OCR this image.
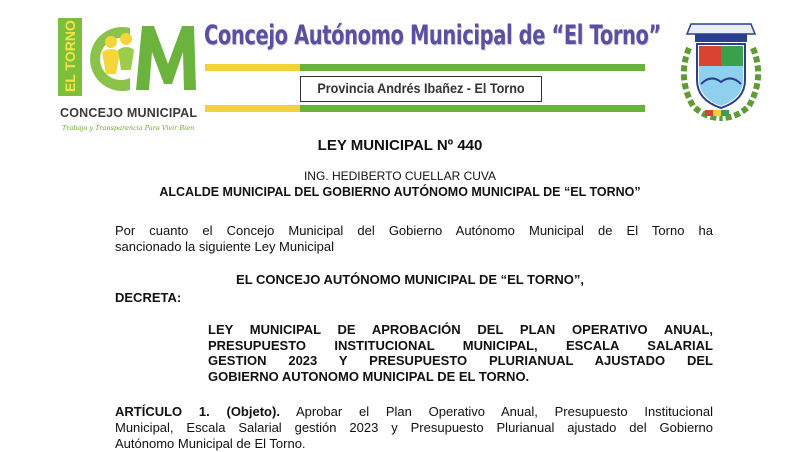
EL TORNO
CONCEJO MUNICIPAL
Trabajo y Transparencia Para Vivir Bien
Concejo Autónomo Municipal de “El Torno”
Provincia Andrés Ibañez - El Torno
LEY MUNICIPAL Nº 440
ING. HEDIBERTO CUELLAR CUVA
ALCALDE MUNICIPAL DEL GOBIERNO AUTÓNOMO MUNICIPAL DE “EL TORNO”
Por cuanto el Concejo Municipal del Gobierno Autónomo Municipal de El Torno ha
sancionado la siguiente Ley Municipal
EL CONCEJO AUTÓNOMO MUNICIPAL DE “EL TORNO”,
DECRETA:
LEY MUNICIPAL DE APROBACIÓN DEL PLAN OPERATIVO ANUAL,
PRESUPUESTO INSTITUCIONAL MUNICIPAL, ESCALA SALARIAL
GESTION 2023 Y PRESUPUESTO PLURIANUAL AJUSTADO DEL
GOBIERNO AUTONOMO MUNICIPAL DE EL TORNO.
ARTÍCULO 1. (Objeto). Aprobar el Plan Operativo Anual, Presupuesto Institucional
Municipal, Escala Salarial gestión 2023 y Presupuesto Plurianual ajustado del Gobierno
Autónomo Municipal de El Torno.
